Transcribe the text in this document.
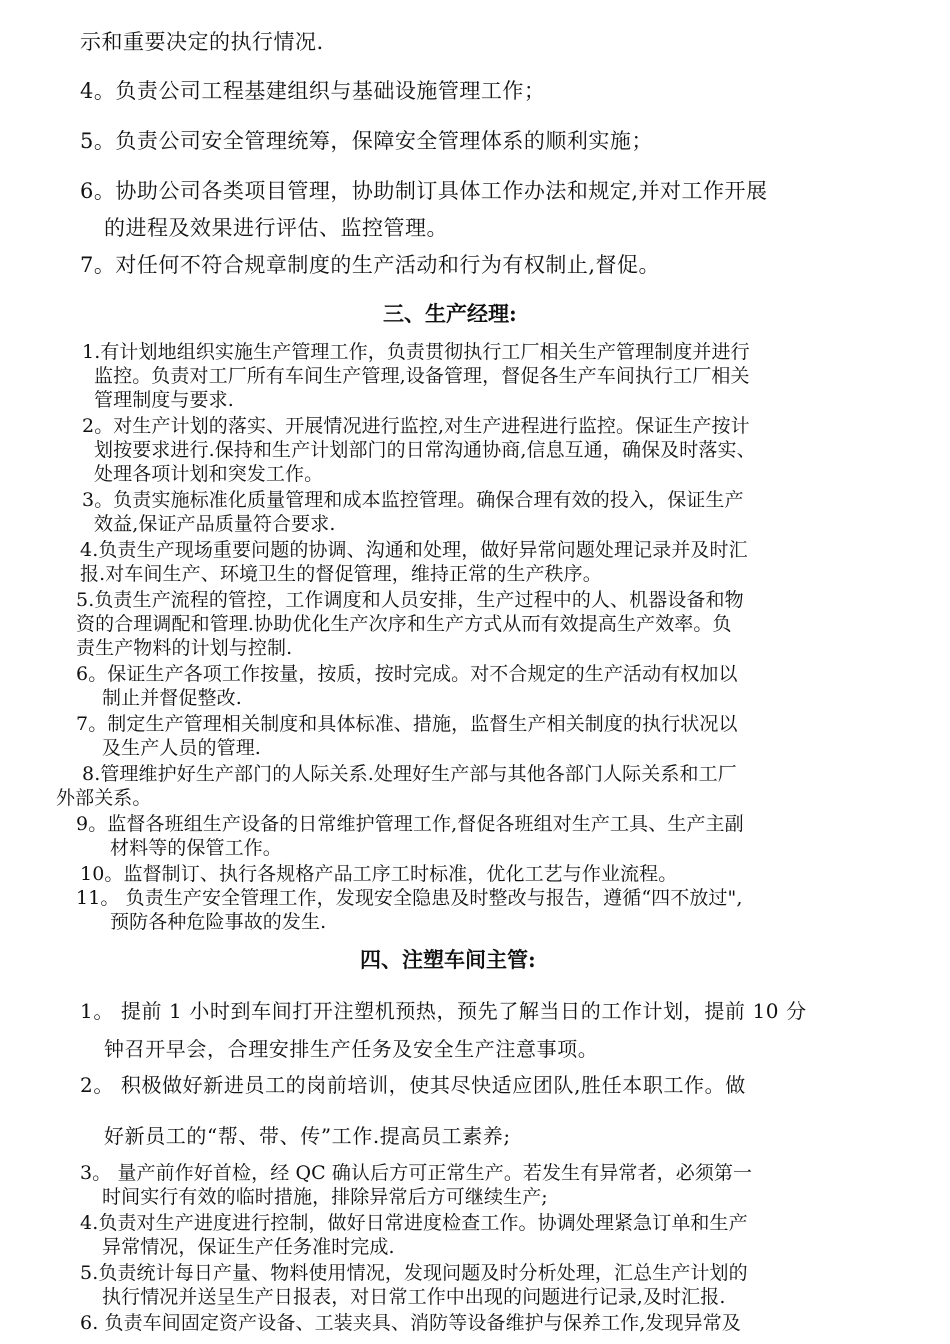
示和重要决定的执行情况.
4。负责公司工程基建组织与基础设施管理工作；
5。负责公司安全管理统筹，保障安全管理体系的顺利实施；
6。协助公司各类项目管理，协助制订具体工作办法和规定,并对工作开展
的进程及效果进行评估、监控管理。
7。对任何不符合规章制度的生产活动和行为有权制止,督促。
三、生产经理:
1.有计划地组织实施生产管理工作，负责贯彻执行工厂相关生产管理制度并进行
监控。负责对工厂所有车间生产管理,设备管理，督促各生产车间执行工厂相关
管理制度与要求.
2。对生产计划的落实、开展情况进行监控,对生产进程进行监控。保证生产按计
划按要求进行.保持和生产计划部门的日常沟通协商,信息互通，确保及时落实、
处理各项计划和突发工作。
3。负责实施标准化质量管理和成本监控管理。确保合理有效的投入，保证生产
效益,保证产品质量符合要求.
4.负责生产现场重要问题的协调、沟通和处理，做好异常问题处理记录并及时汇
报.对车间生产、环境卫生的督促管理，维持正常的生产秩序。
5.负责生产流程的管控，工作调度和人员安排，生产过程中的人、机器设备和物
资的合理调配和管理.协助优化生产次序和生产方式从而有效提高生产效率。负
责生产物料的计划与控制.
6。保证生产各项工作按量，按质，按时完成。对不合规定的生产活动有权加以
制止并督促整改.
7。制定生产管理相关制度和具体标准、措施，监督生产相关制度的执行状况以
及生产人员的管理.
8.管理维护好生产部门的人际关系.处理好生产部与其他各部门人际关系和工厂
外部关系。
9。监督各班组生产设备的日常维护管理工作,督促各班组对生产工具、生产主副
材料等的保管工作。
10。监督制订、执行各规格产品工序工时标准，优化工艺与作业流程。
11。 负责生产安全管理工作，发现安全隐患及时整改与报告，遵循“四不放过",
预防各种危险事故的发生.
四、注塑车间主管:
1。 提前 1 小时到车间打开注塑机预热，预先了解当日的工作计划，提前 10 分
钟召开早会，合理安排生产任务及安全生产注意事项。
2。 积极做好新进员工的岗前培训，使其尽快适应团队,胜任本职工作。做
好新员工的“帮、带、传”工作.提高员工素养;
3。 量产前作好首检，经 QC 确认后方可正常生产。若发生有异常者，必须第一
时间实行有效的临时措施，排除异常后方可继续生产;
4.负责对生产进度进行控制，做好日常进度检查工作。协调处理紧急订单和生产
异常情况，保证生产任务准时完成.
5.负责统计每日产量、物料使用情况，发现问题及时分析处理，汇总生产计划的
执行情况并送呈生产日报表，对日常工作中出现的问题进行记录,及时汇报.
6. 负责车间固定资产设备、工装夹具、消防等设备维护与保养工作,发现异常及
